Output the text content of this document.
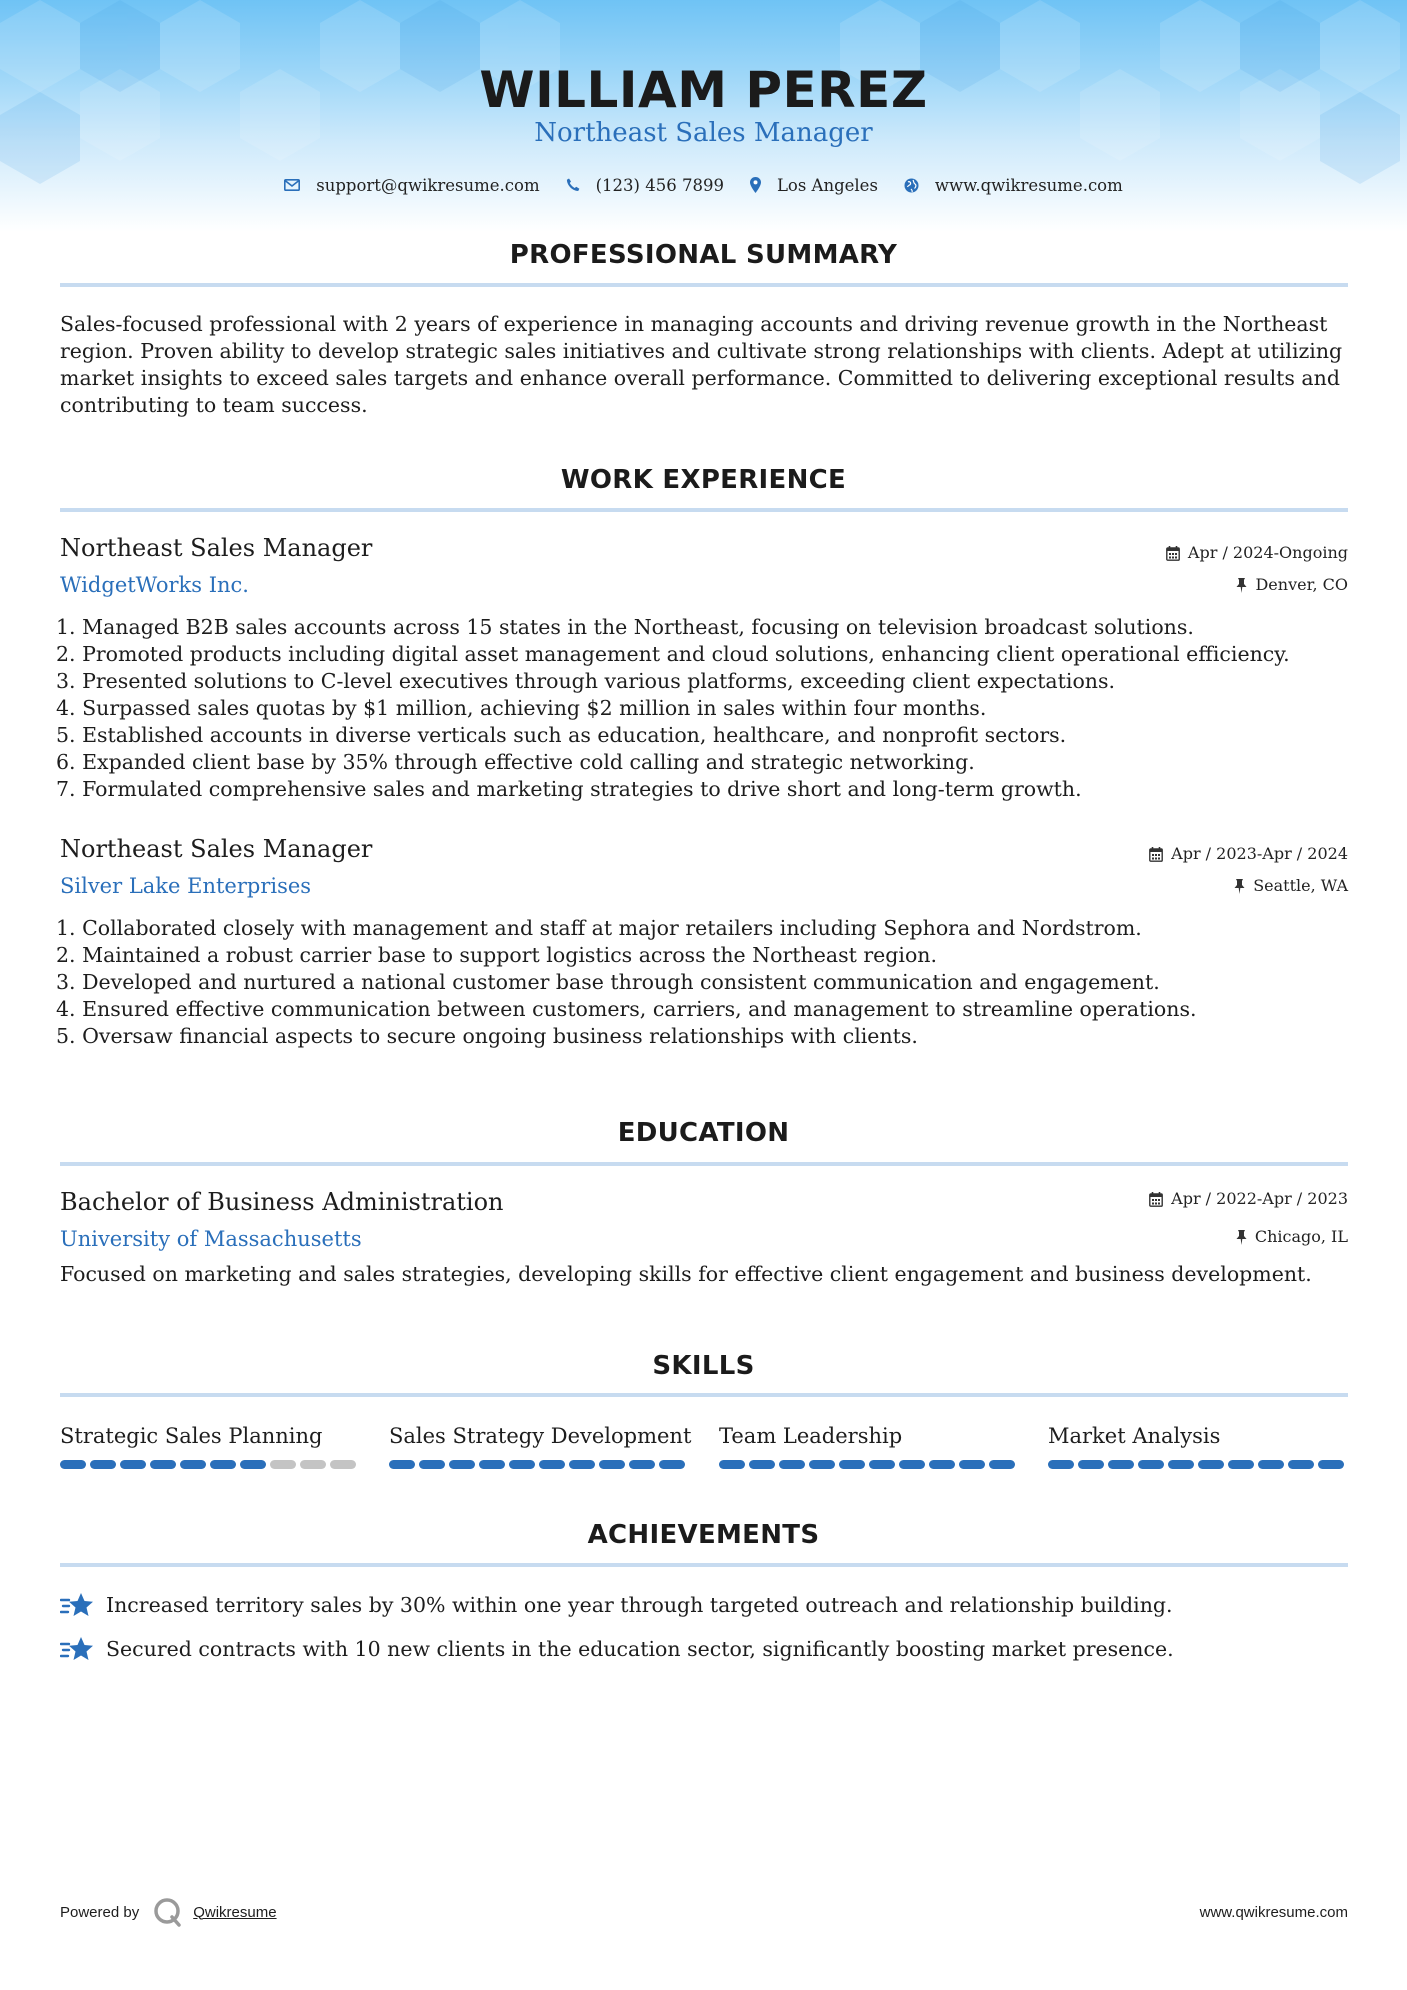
WILLIAM PEREZ
Northeast Sales Manager
support@qwikresume.com	(123) 456 7899	Los Angeles	www.qwikresume.com
PROFESSIONAL SUMMARY
Sales-focused professional with 2 years of experience in managing accounts and driving revenue growth in the Northeast
region. Proven ability to develop strategic sales initiatives and cultivate strong relationships with clients. Adept at utilizing
market insights to exceed sales targets and enhance overall performance. Committed to delivering exceptional results and
contributing to team success.
WORK EXPERIENCE
Northeast Sales Manager	Apr / 2024-Ongoing
WidgetWorks Inc.	Denver, CO
1. Managed B2B sales accounts across 15 states in the Northeast, focusing on television broadcast solutions.
2. Promoted products including digital asset management and cloud solutions, enhancing client operational efficiency.
3. Presented solutions to C-level executives through various platforms, exceeding client expectations.
4. Surpassed sales quotas by $1 million, achieving $2 million in sales within four months.
5. Established accounts in diverse verticals such as education, healthcare, and nonprofit sectors.
6. Expanded client base by 35% through effective cold calling and strategic networking.
7. Formulated comprehensive sales and marketing strategies to drive short and long-term growth.
Northeast Sales Manager	Apr / 2023-Apr / 2024
Silver Lake Enterprises	Seattle, WA
1. Collaborated closely with management and staff at major retailers including Sephora and Nordstrom.
2. Maintained a robust carrier base to support logistics across the Northeast region.
3. Developed and nurtured a national customer base through consistent communication and engagement.
4. Ensured effective communication between customers, carriers, and management to streamline operations.
5. Oversaw financial aspects to secure ongoing business relationships with clients.
EDUCATION
Bachelor of Business Administration	Apr / 2022-Apr / 2023
University of Massachusetts	Chicago, IL
Focused on marketing and sales strategies, developing skills for effective client engagement and business development.
SKILLS
Strategic Sales Planning	Sales Strategy Development Team Leadership	Market Analysis
ACHIEVEMENTS
Increased territory sales by 30% within one year through targeted outreach and relationship building.
Secured contracts with 10 new clients in the education sector, significantly boosting market presence.
Powered by	Qwikresume	www.qwikresume.com
